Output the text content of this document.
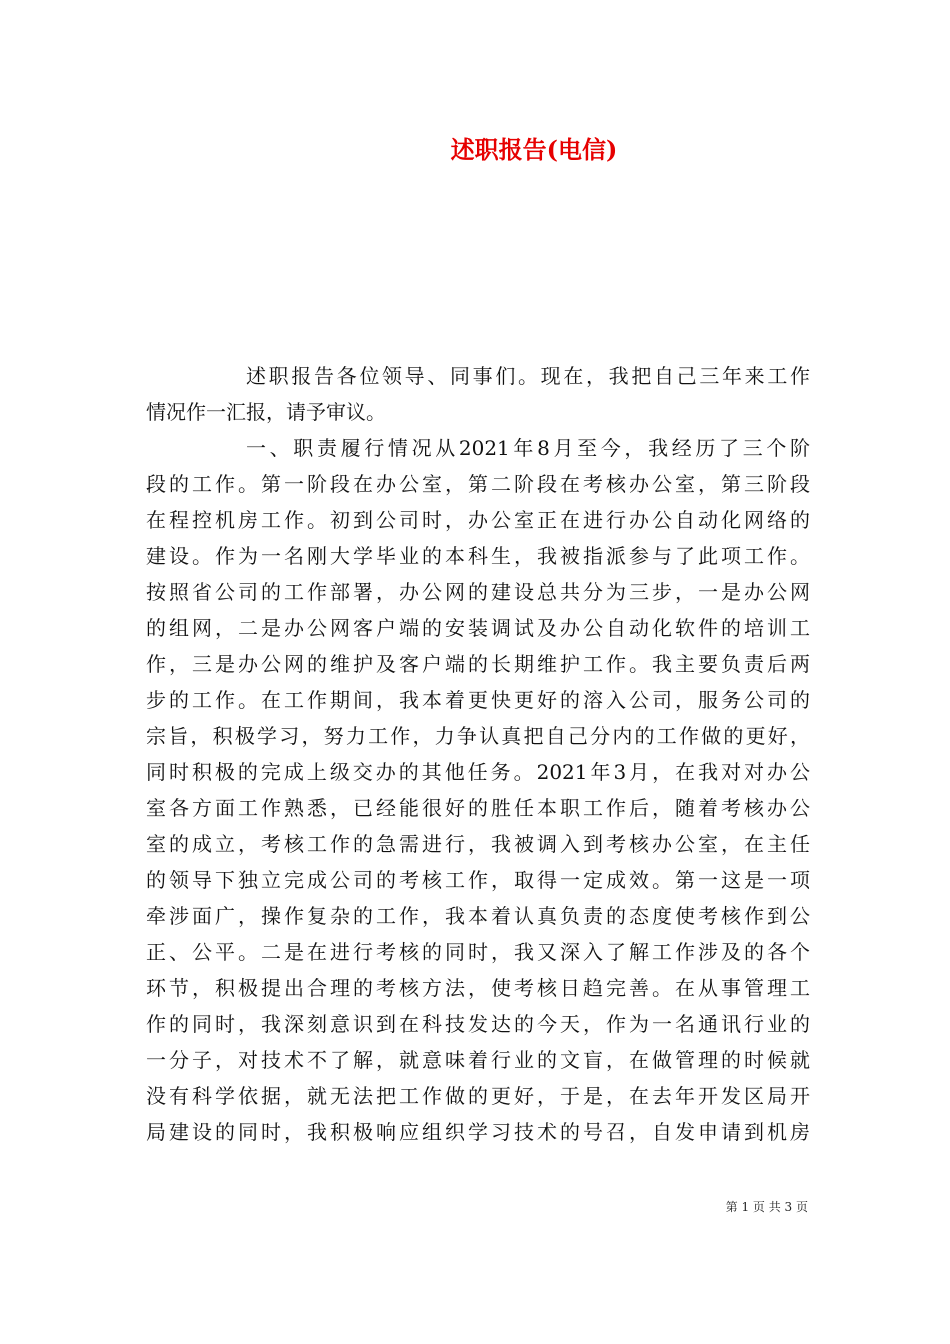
述职报告(电信)
述职报告各位领导、同事们。现在，我把自己三年来工作
情况作一汇报，请予审议。
一、职责履行情况从2021年8月至今，我经历了三个阶
段的工作。第一阶段在办公室，第二阶段在考核办公室，第三阶段
在程控机房工作。初到公司时，办公室正在进行办公自动化网络的
建设。作为一名刚大学毕业的本科生，我被指派参与了此项工作。
按照省公司的工作部署，办公网的建设总共分为三步，一是办公网
的组网，二是办公网客户端的安装调试及办公自动化软件的培训工
作，三是办公网的维护及客户端的长期维护工作。我主要负责后两
步的工作。在工作期间，我本着更快更好的溶入公司，服务公司的
宗旨，积极学习，努力工作，力争认真把自己分内的工作做的更好，
同时积极的完成上级交办的其他任务。2021年3月，在我对对办公
室各方面工作熟悉，已经能很好的胜任本职工作后，随着考核办公
室的成立，考核工作的急需进行，我被调入到考核办公室，在主任
的领导下独立完成公司的考核工作，取得一定成效。第一这是一项
牵涉面广，操作复杂的工作，我本着认真负责的态度使考核作到公
正、公平。二是在进行考核的同时，我又深入了解工作涉及的各个
环节，积极提出合理的考核方法，使考核日趋完善。在从事管理工
作的同时，我深刻意识到在科技发达的今天，作为一名通讯行业的
一分子，对技术不了解，就意味着行业的文盲，在做管理的时候就
没有科学依据，就无法把工作做的更好，于是，在去年开发区局开
局建设的同时，我积极响应组织学习技术的号召，自发申请到机房
第 1 页 共 3 页
